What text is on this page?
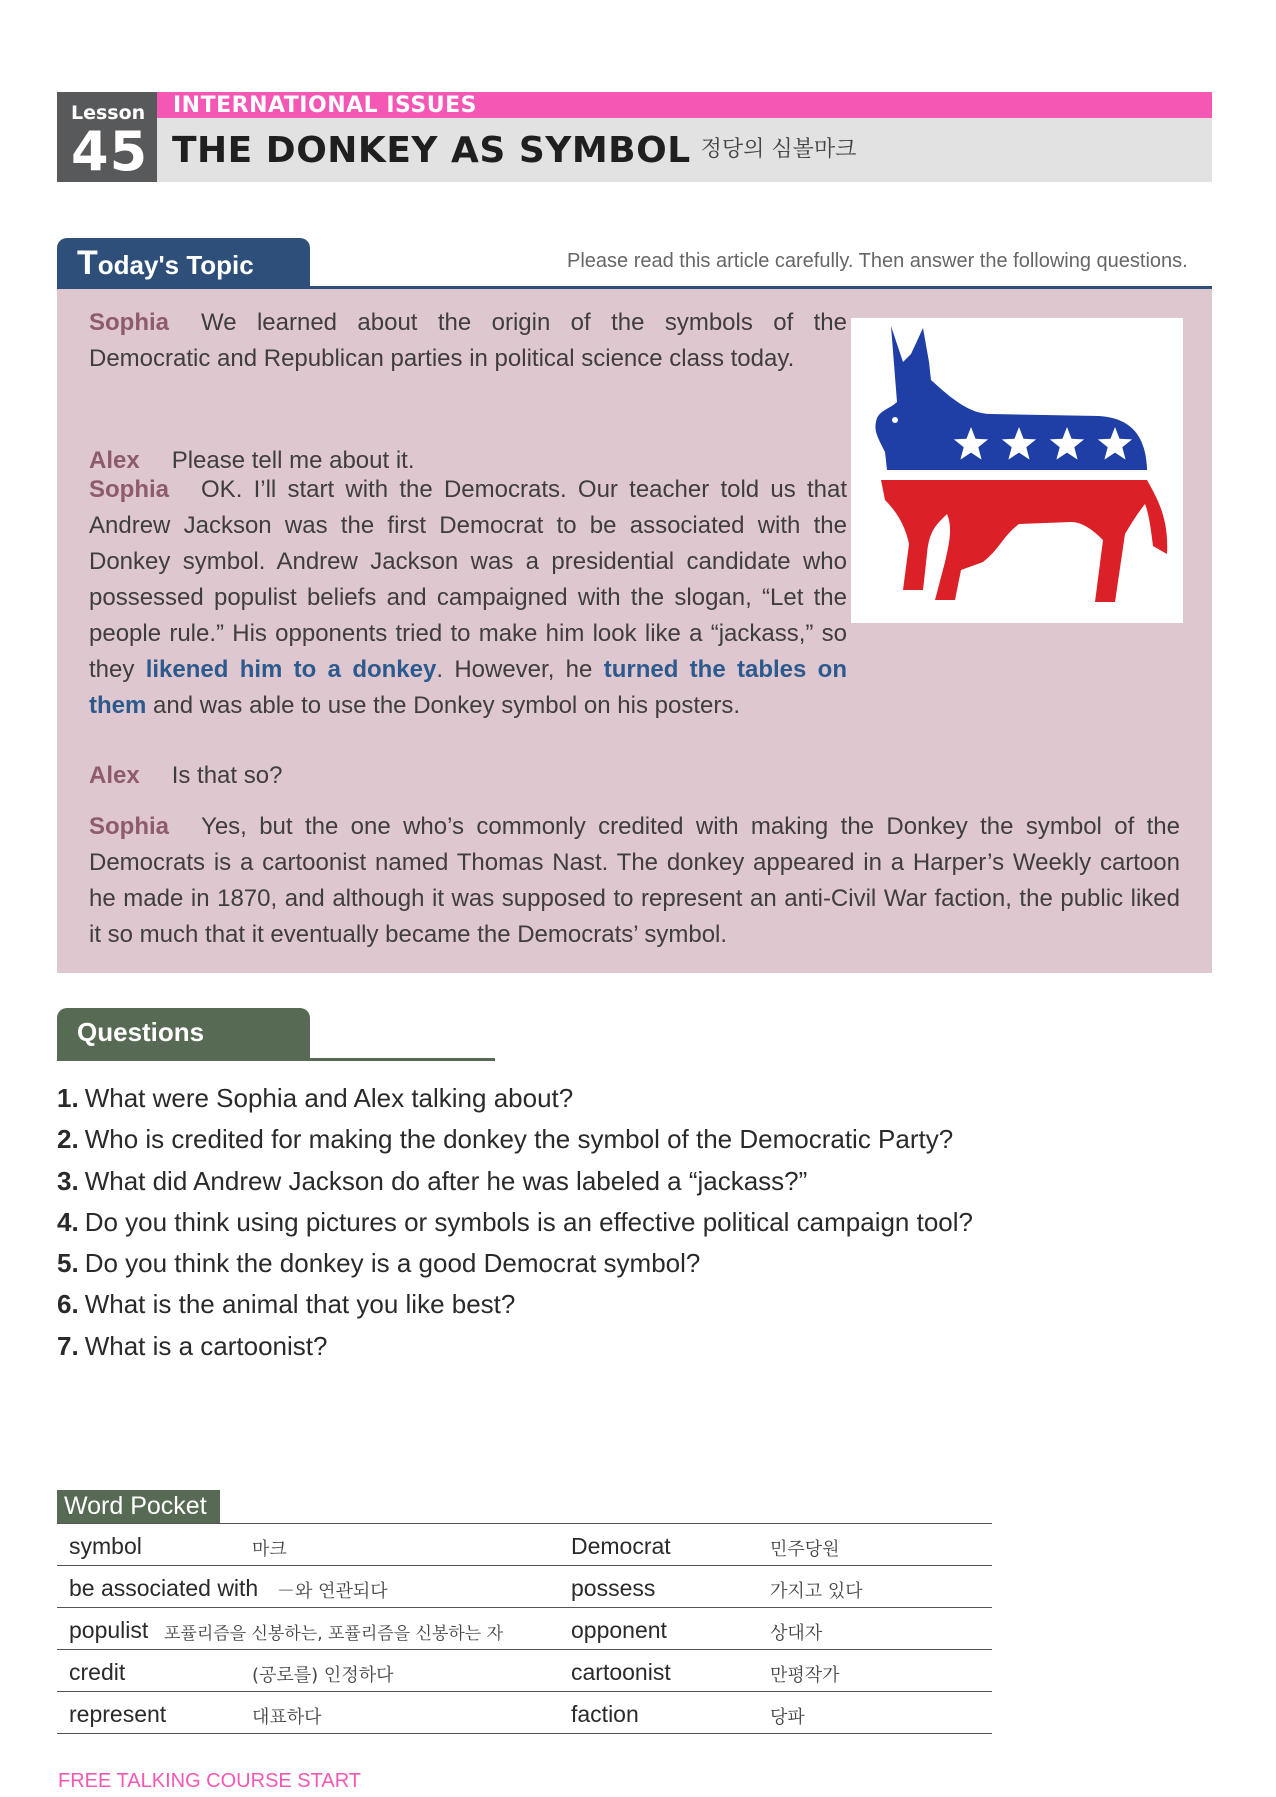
Lesson
45
INTERNATIONAL ISSUES
THE DONKEY AS SYMBOL 정당의 심볼마크
Today's Topic	Please read this article carefully. Then answer the following questions.

Sophia We learned about the origin of the symbols of the Democratic and Republican parties in political science class today.

Alex Please tell me about it.

Sophia OK. I’ll start with the Democrats. Our teacher told us that Andrew Jackson was the first Democrat to be associated with the Donkey symbol. Andrew Jackson was a presidential candidate who possessed populist beliefs and campaigned with the slogan, “Let the people rule.” His opponents tried to make him look like a “jackass,” so they likened him to a donkey. However, he turned the tables on them and was able to use the Donkey symbol on his posters.

Alex Is that so?

Sophia Yes, but the one who’s commonly credited with making the Donkey the symbol of the Democrats is a cartoonist named Thomas Nast. The donkey appeared in a Harper’s Weekly cartoon he made in 1870, and although it was supposed to represent an anti-Civil War faction, the public liked it so much that it eventually became the Democrats’ symbol.

Questions
1. What were Sophia and Alex talking about?
2. Who is credited for making the donkey the symbol of the Democratic Party?
3. What did Andrew Jackson do after he was labeled a “jackass?”
4. Do you think using pictures or symbols is an effective political campaign tool?
5. Do you think the donkey is a good Democrat symbol?
6. What is the animal that you like best?
7. What is a cartoonist?
Word Pocket
symbol	마크	Democrat	민주당원
be associated with －와 연관되다	possess	가지고 있다
populist 포퓰리즘을 신봉하는, 포퓰리즘을 신봉하는 자	opponent	상대자
credit	(공로를) 인정하다	cartoonist	만평작가
represent	대표하다	faction	당파
FREE TALKING COURSE START
